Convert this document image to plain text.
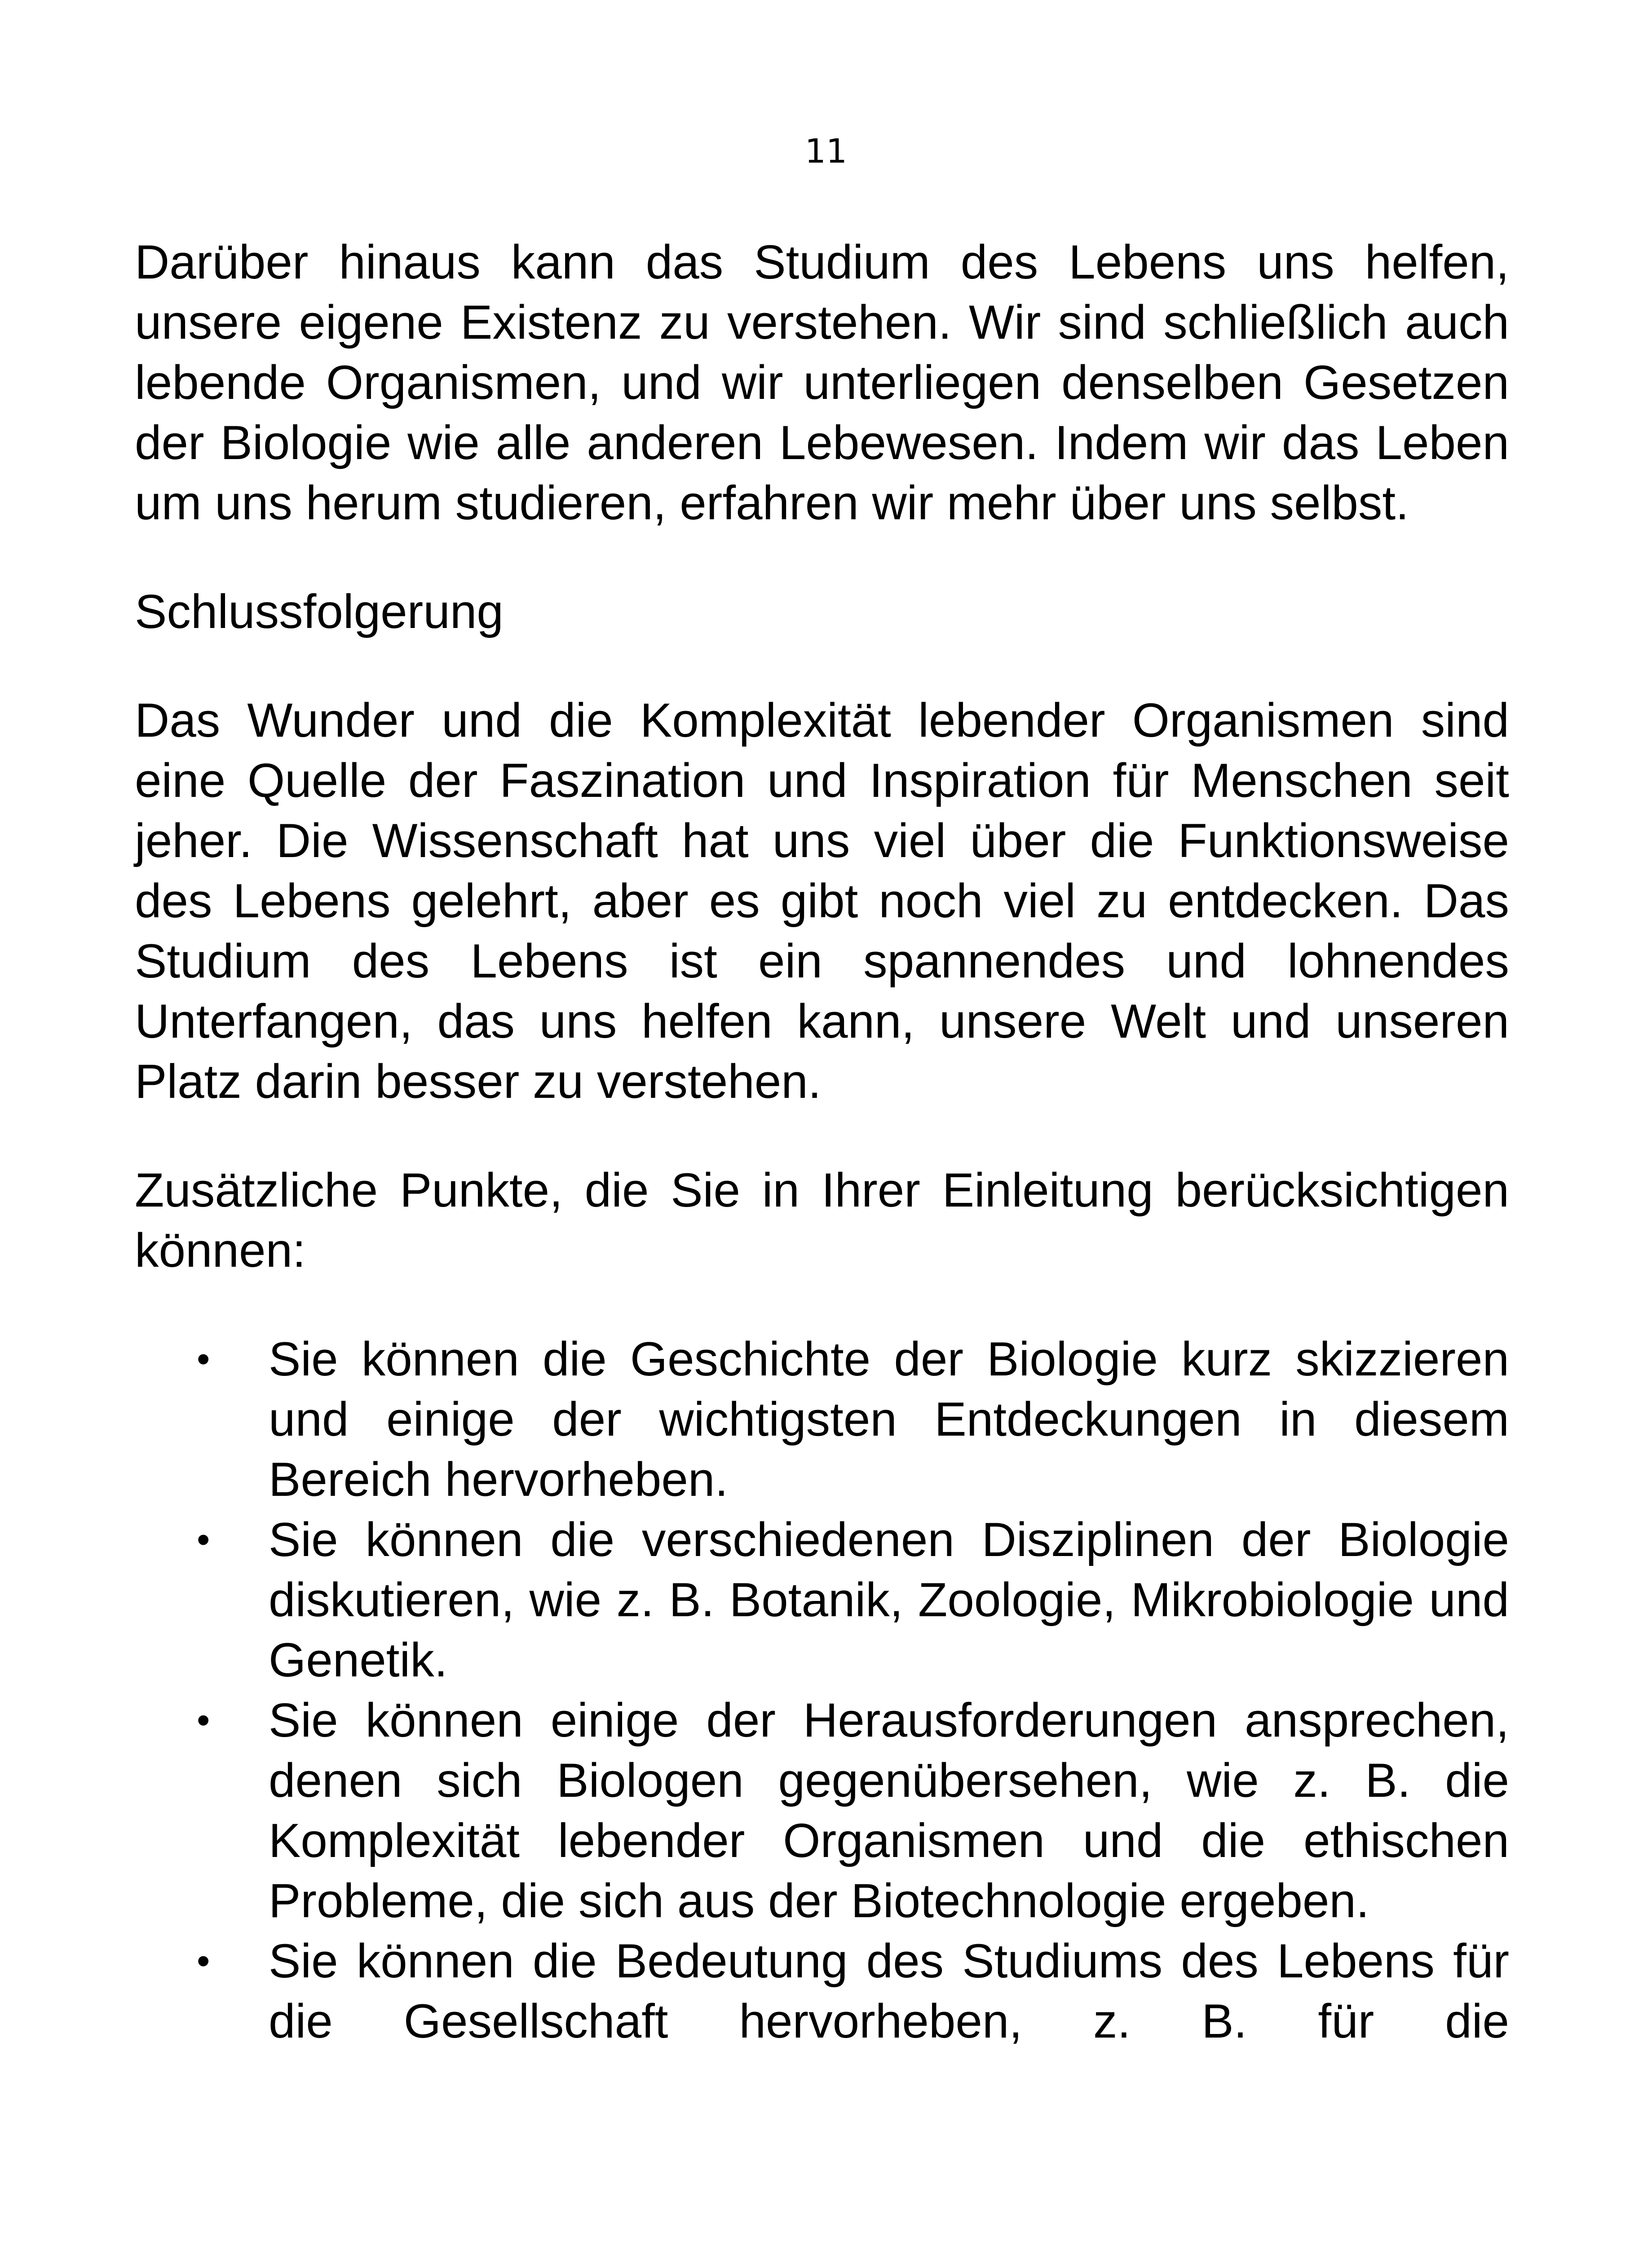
11

Darüber hinaus kann das Studium des Lebens uns helfen, unsere eigene Existenz zu verstehen. Wir sind schließlich auch lebende Organismen, und wir unterliegen denselben Gesetzen der Biologie wie alle anderen Lebewesen. Indem wir das Leben um uns herum studieren, erfahren wir mehr über uns selbst.

Schlussfolgerung

Das Wunder und die Komplexität lebender Organismen sind eine Quelle der Faszination und Inspiration für Menschen seit jeher. Die Wissenschaft hat uns viel über die Funktionsweise des Lebens gelehrt, aber es gibt noch viel zu entdecken. Das Studium des Lebens ist ein spannendes und lohnendes Unterfangen, das uns helfen kann, unsere Welt und unseren Platz darin besser zu verstehen.

Zusätzliche Punkte, die Sie in Ihrer Einleitung berücksichtigen können:

• Sie können die Geschichte der Biologie kurz skizzieren und einige der wichtigsten Entdeckungen in diesem Bereich hervorheben.
• Sie können die verschiedenen Disziplinen der Biologie diskutieren, wie z. B. Botanik, Zoologie, Mikrobiologie und Genetik.
• Sie können einige der Herausforderungen ansprechen, denen sich Biologen gegenübersehen, wie z. B. die Komplexität lebender Organismen und die ethischen Probleme, die sich aus der Biotechnologie ergeben.
• Sie können die Bedeutung des Studiums des Lebens für die Gesellschaft hervorheben, z. B. für die
